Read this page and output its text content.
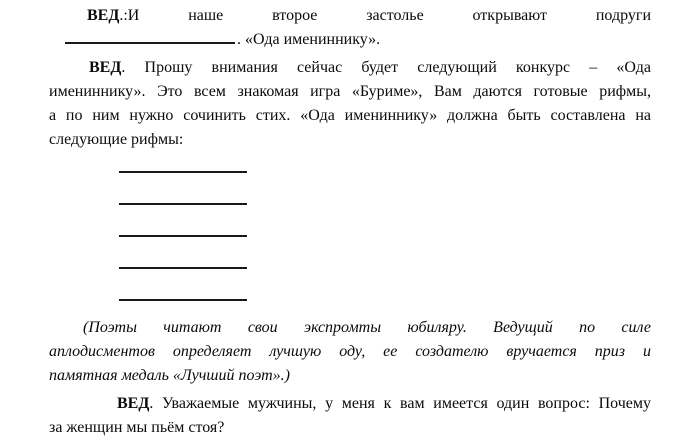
ВЕД.:И наше второе застолье открывают подруги
. «Ода имениннику».
ВЕД. Прошу внимания сейчас будет следующий конкурс – «Ода
имениннику». Это всем знакомая игра «Буриме», Вам даются готовые рифмы,
а по ним нужно сочинить стих. «Ода имениннику» должна быть составлена на
следующие рифмы:
(Поэты читают свои экспромты юбиляру. Ведущий по силе
аплодисментов определяет лучшую оду, ее создателю вручается приз и
памятная медаль «Лучший поэт».)
ВЕД. Уважаемые мужчины, у меня к вам имеется один вопрос: Почему
за женщин мы пьём стоя?
